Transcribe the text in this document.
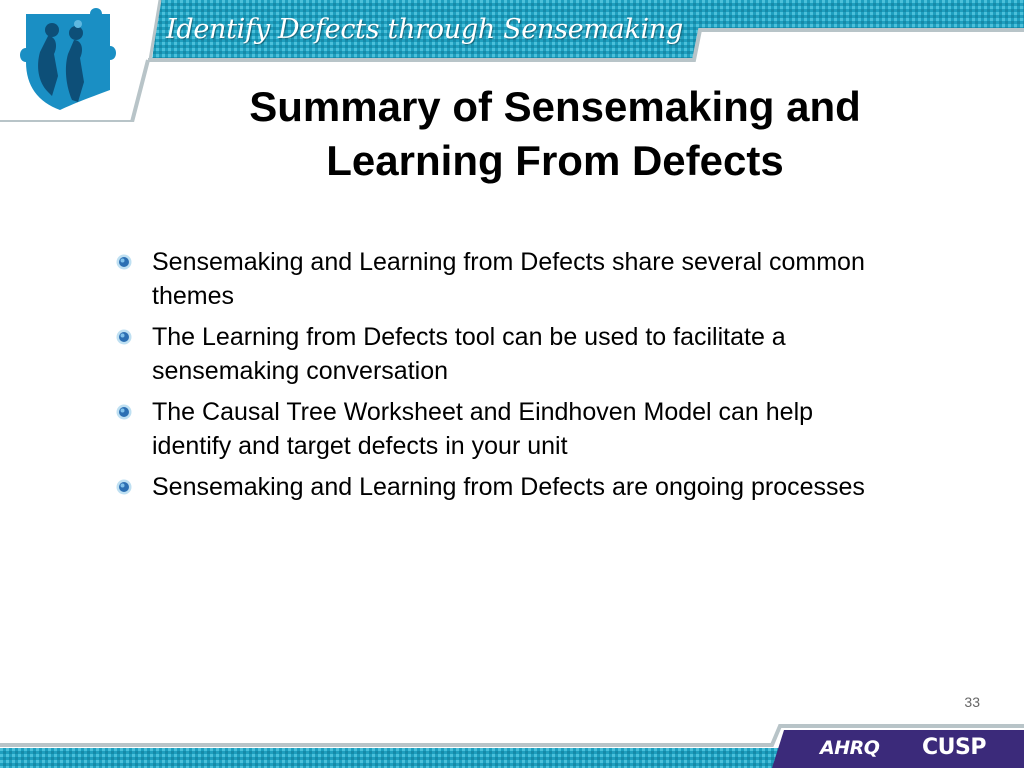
Identify Defects through Sensemaking
Summary of Sensemaking and
Learning From Defects
Sensemaking and Learning from Defects share several common themes
The Learning from Defects tool can be used to facilitate a sensemaking conversation
The Causal Tree Worksheet and Eindhoven Model can help identify and target defects in your unit
Sensemaking and Learning from Defects are ongoing processes
33
AHRQ CUSP
